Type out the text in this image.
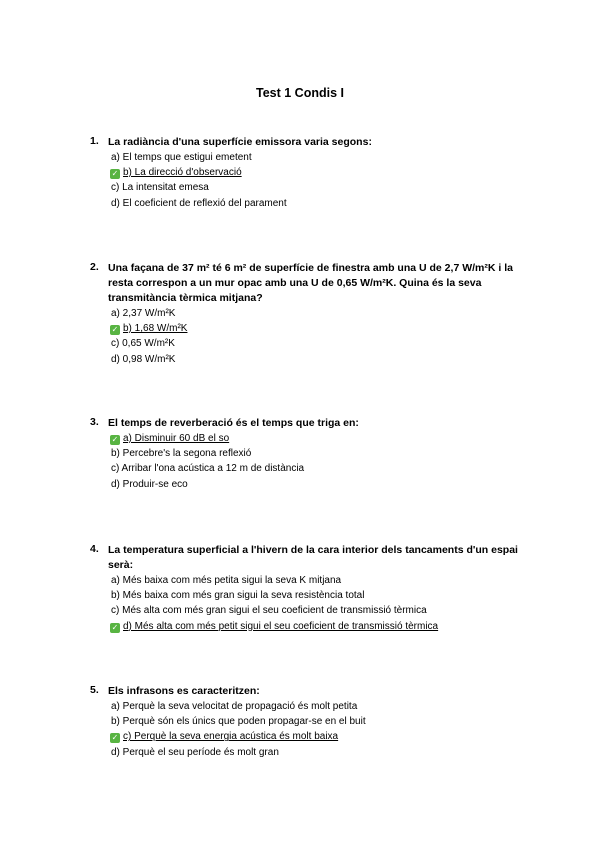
Test 1 Condis I
1. La radiància d'una superfície emissora varia segons:
a) El temps que estigui emetent
✓ b) La direcció d'observació
c) La intensitat emesa
d) El coeficient de reflexió del parament
2. Una façana de 37 m² té 6 m² de superfície de finestra amb una U de 2,7 W/m²K i la resta correspon a un mur opac amb una U de 0,65 W/m²K. Quina és la seva transmitància tèrmica mitjana?
a) 2,37 W/m²K
✓ b) 1,68 W/m²K
c) 0,65 W/m²K
d) 0,98 W/m²K
3. El temps de reverberació és el temps que triga en:
✓ a) Disminuir 60 dB el so
b) Percebre's la segona reflexió
c) Arribar l'ona acústica a 12 m de distància
d) Produir-se eco
4. La temperatura superficial a l'hivern de la cara interior dels tancaments d'un espai serà:
a) Més baixa com més petita sigui la seva K mitjana
b) Més baixa com més gran sigui la seva resistència total
c) Més alta com més gran sigui el seu coeficient de transmissió tèrmica
✓ d) Més alta com més petit sigui el seu coeficient de transmissió tèrmica
5. Els infrasons es caracteritzen:
a) Perquè la seva velocitat de propagació és molt petita
b) Perquè són els únics que poden propagar-se en el buit
✓ c) Perquè la seva energia acústica és molt baixa
d) Perquè el seu període és molt gran
